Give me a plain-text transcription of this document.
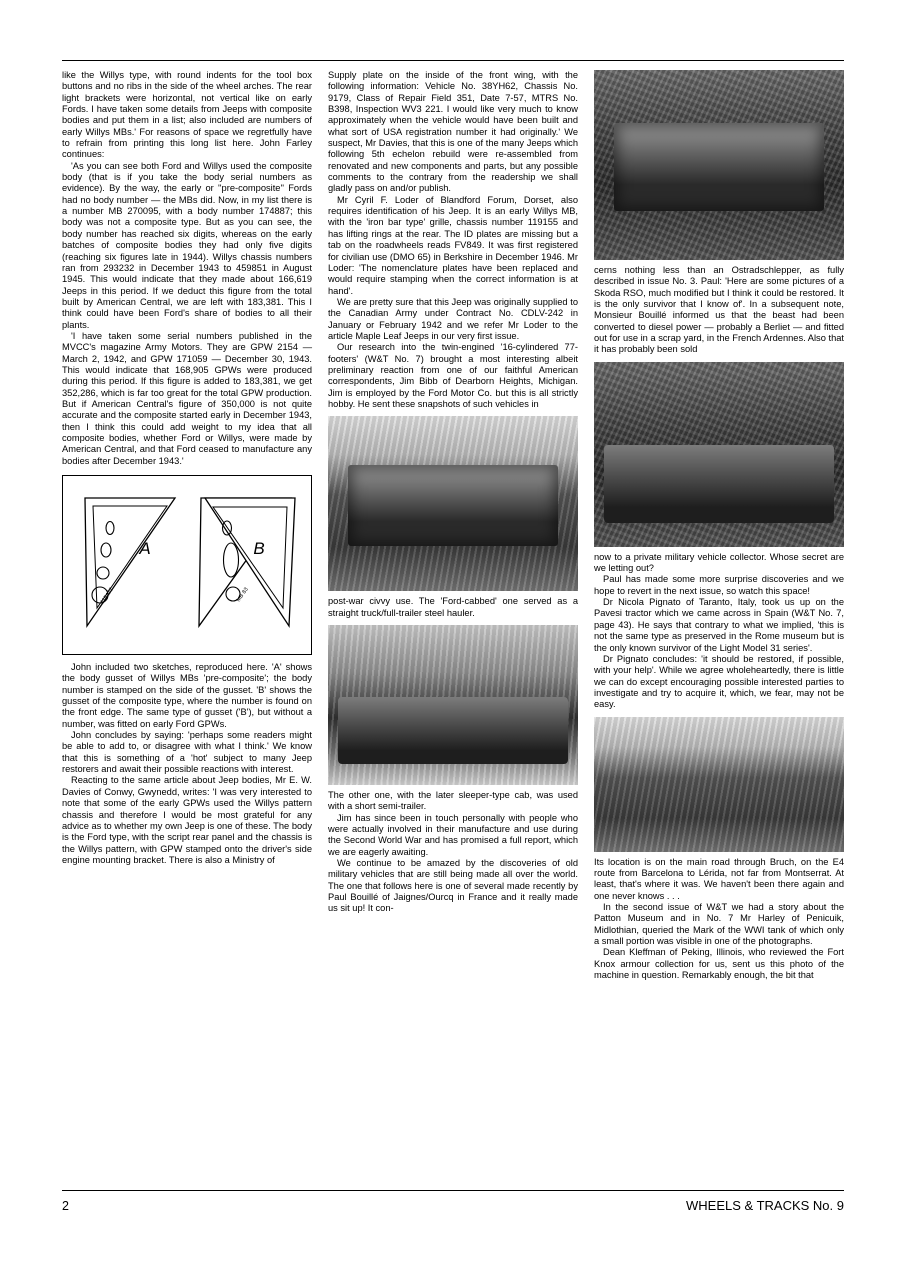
like the Willys type, with round indents for the tool box buttons and no ribs in the side of the wheel arches. The rear light brackets were horizontal, not vertical like on early Fords. I have taken some details from Jeeps with composite bodies and put them in a list; also included are numbers of early Willys MBs.' For reasons of space we regretfully have to refrain from printing this long list here. John Farley continues:

'As you can see both Ford and Willys used the composite body (that is if you take the body serial numbers as evidence). By the way, the early or ''pre-composite'' Fords had no body number — the MBs did. Now, in my list there is a number MB 270095, with a body number 174887; this body was not a composite type. But as you can see, the body number has reached six digits, whereas on the early batches of composite bodies they had only five digits (reaching six figures late in 1944). Willys chassis numbers ran from 293232 in December 1943 to 459851 in August 1945. This would indicate that they made about 166,619 Jeeps in this period. If we deduct this figure from the total built by American Central, we are left with 183,381. This I think could have been Ford's share of bodies to all their plants.

'I have taken some serial numbers published in the MVCC's magazine Army Motors. They are GPW 2154 — March 2, 1942, and GPW 171059 — December 30, 1943. This would indicate that 168,905 GPWs were produced during this period. If this figure is added to 183,381, we get 352,286, which is far too great for the total GPW production. But if American Central's figure of 350,000 is not quite accurate and the composite started early in December 1943, then I think this could add weight to my idea that all composite bodies, whether Ford or Willys, were made by American Central, and that Ford ceased to manufacture any bodies after December 1943.'

A
115477
B
MB 83

John included two sketches, reproduced here. 'A' shows the body gusset of Willys MBs 'pre-composite'; the body number is stamped on the side of the gusset. 'B' shows the gusset of the composite type, where the number is found on the front edge. The same type of gusset ('B'), but without a number, was fitted on early Ford GPWs.

John concludes by saying: 'perhaps some readers might be able to add to, or disagree with what I think.' We know that this is something of a 'hot' subject to many Jeep restorers and await their possible reactions with interest.

Reacting to the same article about Jeep bodies, Mr E. W. Davies of Conwy, Gwynedd, writes: 'I was very interested to note that some of the early GPWs used the Willys pattern chassis and therefore I would be most grateful for any advice as to whether my own Jeep is one of these. The body is the Ford type, with the script rear panel and the chassis is the Willys pattern, with GPW stamped onto the driver's side engine mounting bracket. There is also a Ministry of

Supply plate on the inside of the front wing, with the following information: Vehicle No. 38YH62, Chassis No. 9179, Class of Repair Field 351, Date 7-57, MTRS No. B398, Inspection WV3 221. I would like very much to know approximately when the vehicle would have been built and what sort of USA registration number it had originally.' We suspect, Mr Davies, that this is one of the many Jeeps which following 5th echelon rebuild were re-assembled from renovated and new components and parts, but any possible comments to the contrary from the readership we shall gladly pass on and/or publish.

Mr Cyril F. Loder of Blandford Forum, Dorset, also requires identification of his Jeep. It is an early Willys MB, with the 'iron bar type' grille, chassis number 119155 and has lifting rings at the rear. The ID plates are missing but a tab on the roadwheels reads FV849. It was first registered for civilian use (DMO 65) in Berkshire in December 1946. Mr Loder: 'The nomenclature plates have been replaced and would require stamping when the correct information is at hand'.

We are pretty sure that this Jeep was originally supplied to the Canadian Army under Contract No. CDLV-242 in January or February 1942 and we refer Mr Loder to the article Maple Leaf Jeeps in our very first issue.

Our research into the twin-engined '16-cylindered 77-footers' (W&T No. 7) brought a most interesting albeit preliminary reaction from one of our faithful American correspondents, Jim Bibb of Dearborn Heights, Michigan. Jim is employed by the Ford Motor Co. but this is all strictly hobby. He sent these snapshots of such vehicles in

post-war civvy use. The 'Ford-cabbed' one served as a straight truck/full-trailer steel hauler.

The other one, with the later sleeper-type cab, was used with a short semi-trailer.

Jim has since been in touch personally with people who were actually involved in their manufacture and use during the Second World War and has promised a full report, which we are eagerly awaiting.

We continue to be amazed by the discoveries of old military vehicles that are still being made all over the world. The one that follows here is one of several made recently by Paul Bouillé of Jaignes/Ourcq in France and it really made us sit up! It con-

cerns nothing less than an Ostradschlepper, as fully described in issue No. 3. Paul: 'Here are some pictures of a Skoda RSO, much modified but I think it could be restored. It is the only survivor that I know of'. In a subsequent note, Monsieur Bouillé informed us that the beast had been converted to diesel power — probably a Berliet — and fitted out for use in a scrap yard, in the French Ardennes. Also that it has probably been sold

now to a private military vehicle collector. Whose secret are we letting out?

Paul has made some more surprise discoveries and we hope to revert in the next issue, so watch this space!

Dr Nicola Pignato of Taranto, Italy, took us up on the Pavesi tractor which we came across in Spain (W&T No. 7, page 43). He says that contrary to what we implied, 'this is not the same type as preserved in the Rome museum but is the only known survivor of the Light Model 31 series'.

Dr Pignato concludes: 'it should be restored, if possible, with your help'. While we agree wholeheartedly, there is little we can do except encouraging possible interested parties to investigate and try to acquire it, which, we fear, may not be easy.

Its location is on the main road through Bruch, on the E4 route from Barcelona to Lérida, not far from Montserrat. At least, that's where it was. We haven't been there again and one never knows . . .

In the second issue of W&T we had a story about the Patton Museum and in No. 7 Mr Harley of Penicuik, Midlothian, queried the Mark of the WWI tank of which only a small portion was visible in one of the photographs.

Dean Kleffman of Peking, Illinois, who reviewed the Fort Knox armour collection for us, sent us this photo of the machine in question. Remarkably enough, the bit that

2	WHEELS & TRACKS No. 9
